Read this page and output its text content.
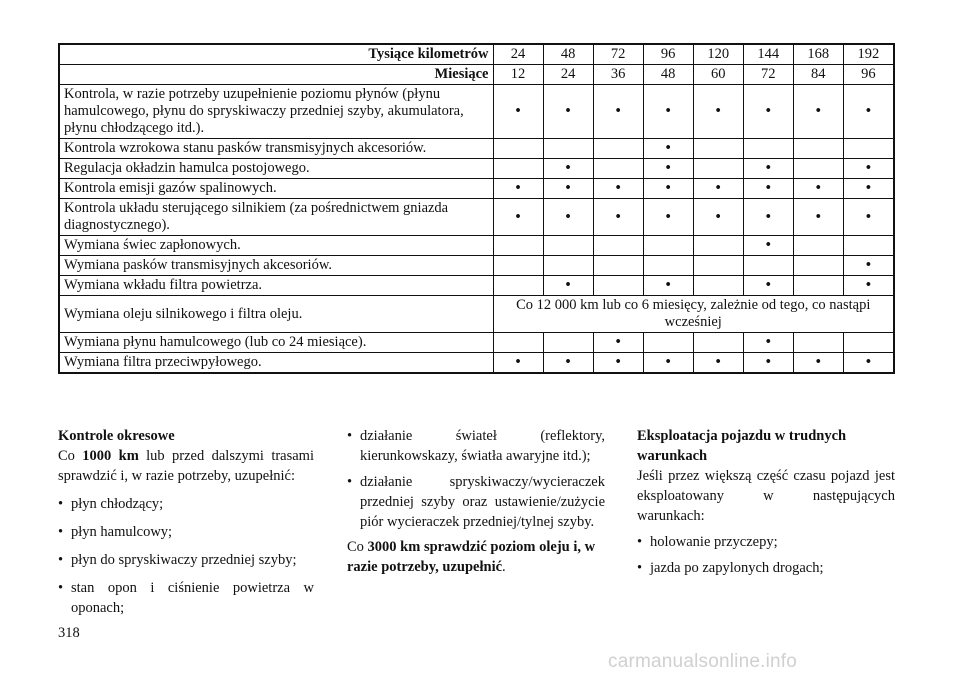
Tysiące kilometrów	24	48	72	96	120	144	168	192
Miesiące	12	24	36	48	60	72	84	96
Kontrola, w razie potrzeby uzupełnienie poziomu płynów (płynu hamulcowego, płynu do spryskiwaczy przedniej szyby, akumulatora, płynu chłodzącego itd.).	•	•	•	•	•	•	•	•
Kontrola wzrokowa stanu pasków transmisyjnych akcesoriów.				•				
Regulacja okładzin hamulca postojowego.		•		•		•		•
Kontrola emisji gazów spalinowych.	•	•	•	•	•	•	•	•
Kontrola układu sterującego silnikiem (za pośrednictwem gniazda diagnostycznego).	•	•	•	•	•	•	•	•
Wymiana świec zapłonowych.						•		
Wymiana pasków transmisyjnych akcesoriów.								•
Wymiana wkładu filtra powietrza.		•		•		•		•
Wymiana oleju silnikowego i filtra oleju.	Co 12 000 km lub co 6 miesięcy, zależnie od tego, co nastąpi wcześniej							
Wymiana płynu hamulcowego (lub co 24 miesiące).			•			•		
Wymiana filtra przeciwpyłowego.	•	•	•	•	•	•	•	•

Kontrole okresowe

Co 1000 km lub przed dalszymi trasami sprawdzić i, w razie potrzeby, uzupełnić:

• płyn chłodzący;
• płyn hamulcowy;
• płyn do spryskiwaczy przedniej szyby;
• stan opon i ciśnienie powietrza w oponach;
• działanie świateł (reflektory, kierunkowskazy, światła awaryjne itd.);
• działanie spryskiwaczy/wycieraczek przedniej szyby oraz ustawienie/zużycie piór wycieraczek przedniej/tylnej szyby.

Co 3000 km sprawdzić poziom oleju i, w razie potrzeby, uzupełnić.

Eksploatacja pojazdu w trudnych warunkach

Jeśli przez większą część czasu pojazd jest eksploatowany w następujących warunkach:

• holowanie przyczepy;
• jazda po zapylonych drogach;
318
carmanualsonline.info
